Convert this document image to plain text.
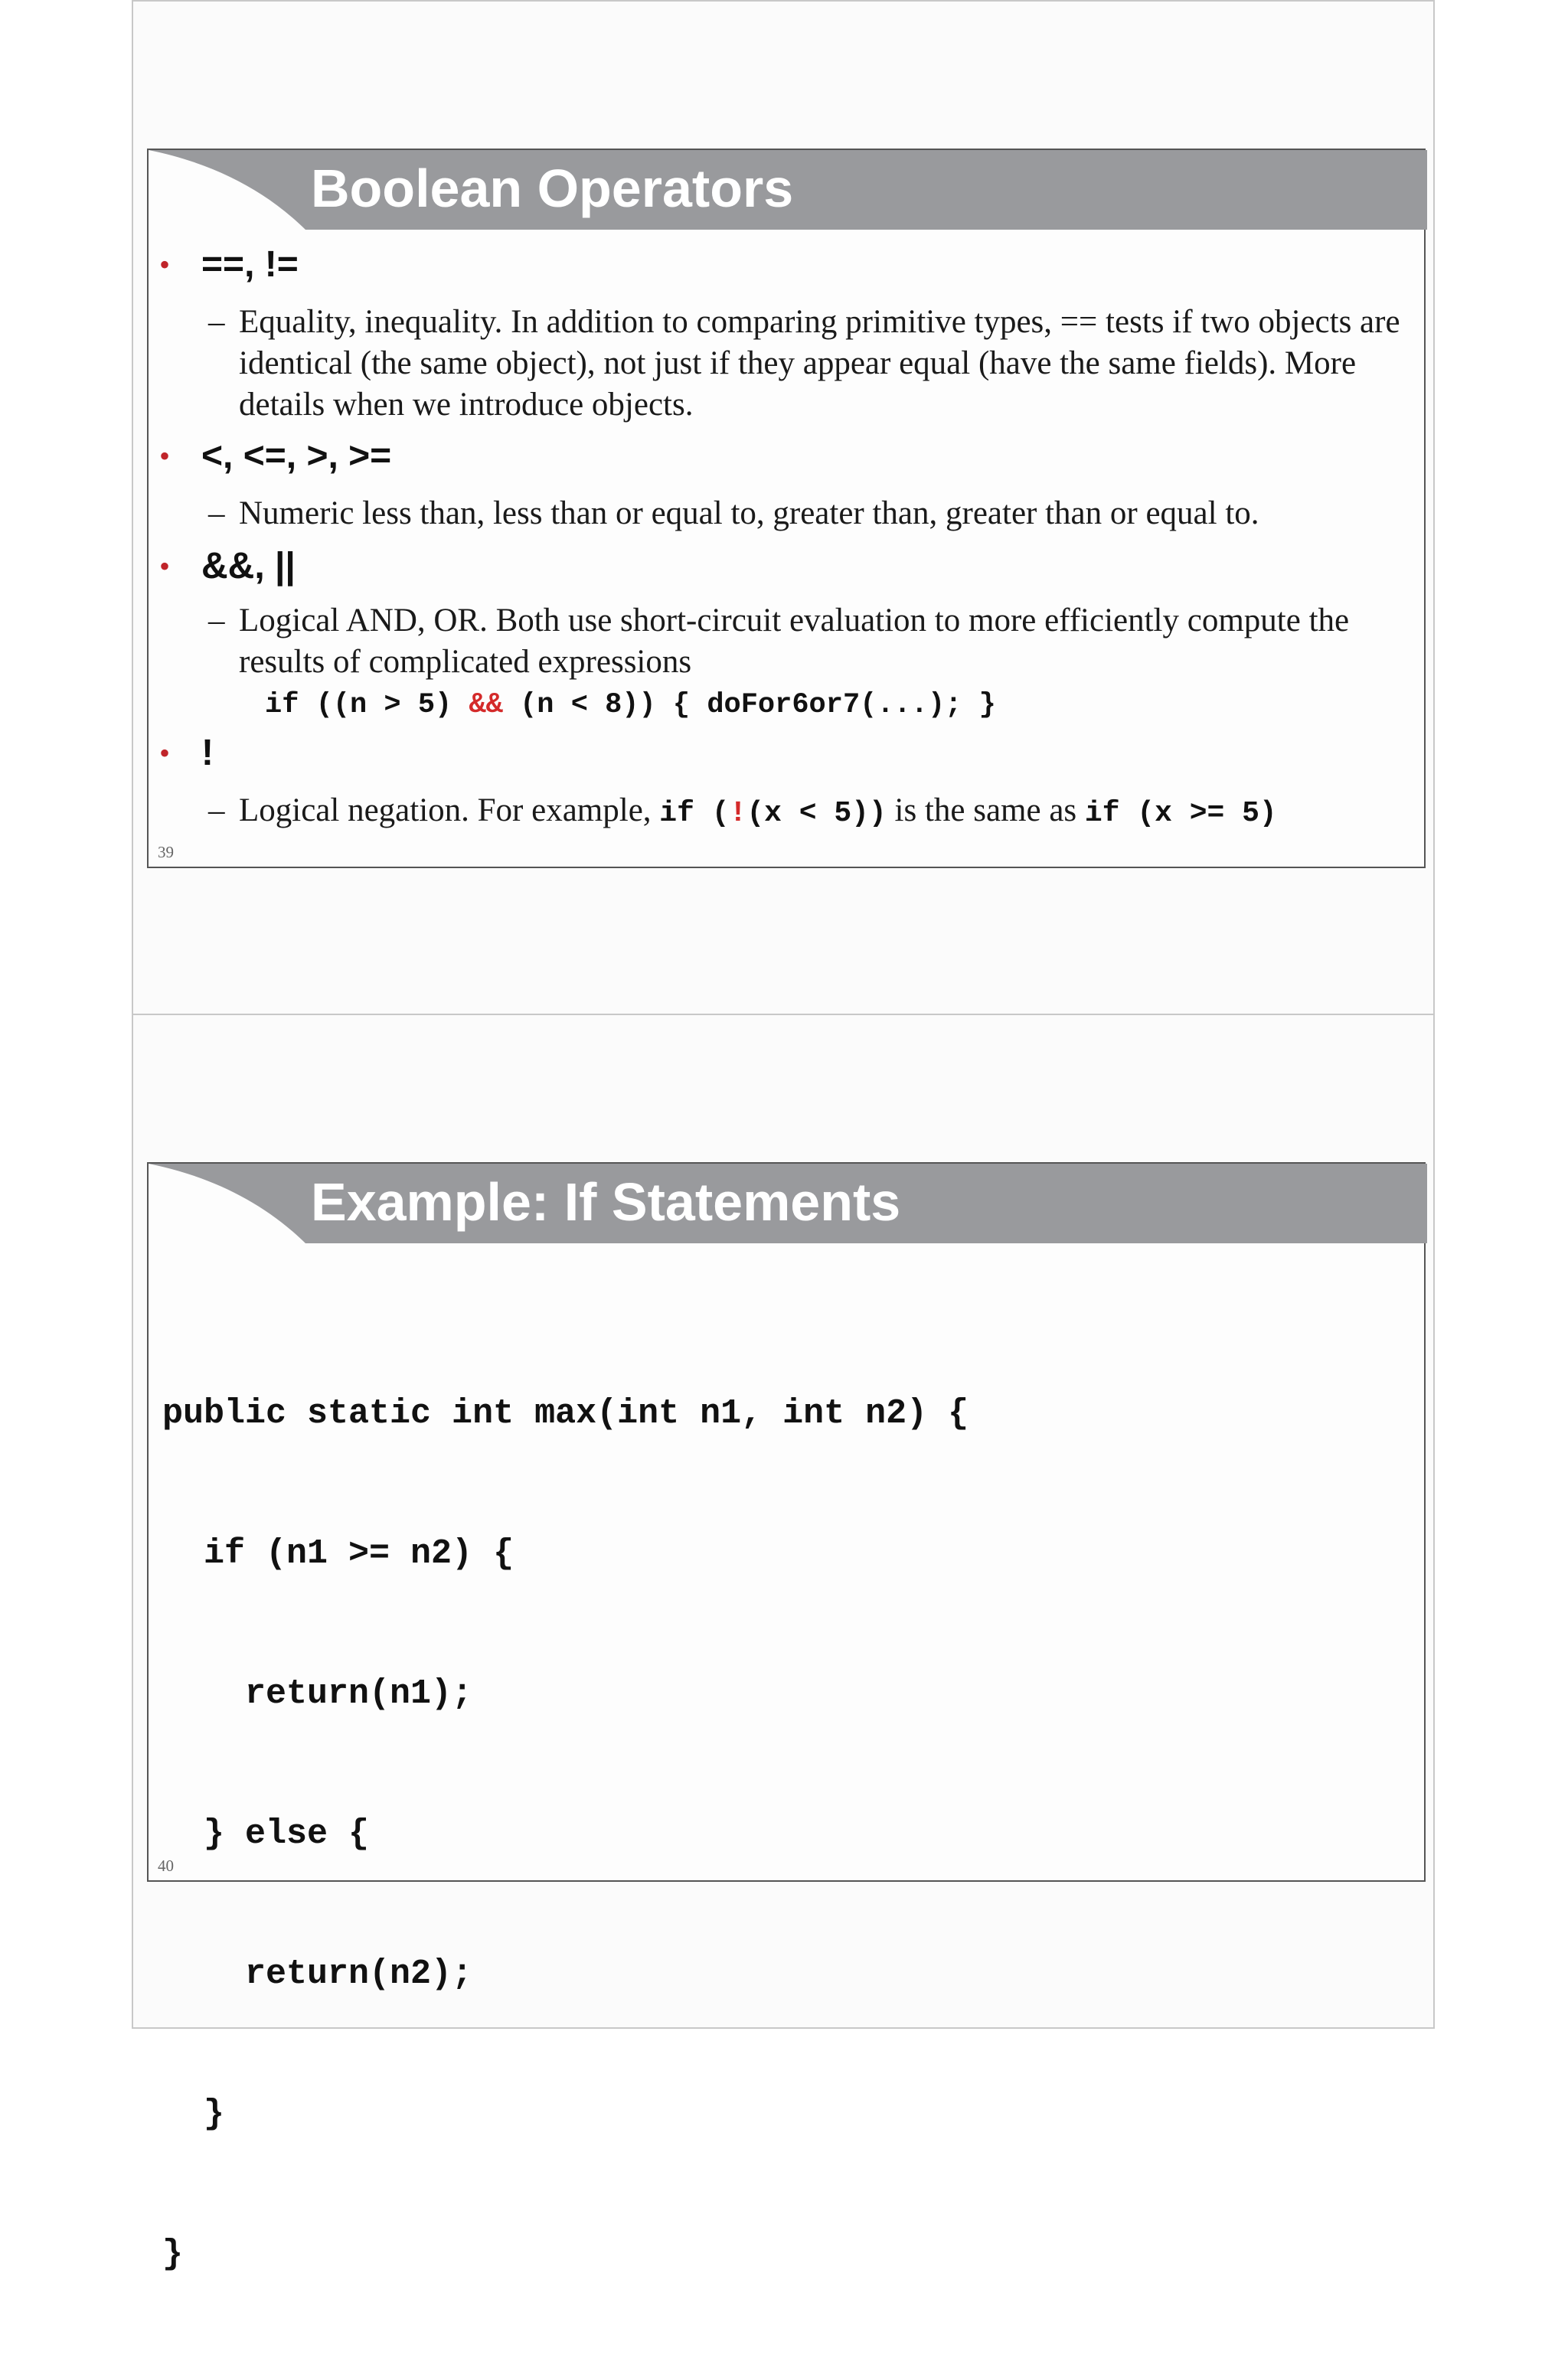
Boolean Operators
• ==, !=
– Equality, inequality. In addition to comparing primitive types, == tests if two objects are identical (the same object), not just if they appear equal (have the same fields). More details when we introduce objects.
• <, <=, >, >=
– Numeric less than, less than or equal to, greater than, greater than or equal to.
• &&, ||
– Logical AND, OR. Both use short-circuit evaluation to more efficiently compute the results of complicated expressions
if ((n > 5) && (n < 8)) { doFor6or7(...); }
• !
– Logical negation. For example, if (!(x < 5)) is the same as if (x >= 5)
39
Example: If Statements

public static int max(int n1, int n2) {

if (n1 >= n2) {

return(n1);

} else {

return(n2);

}

}

40
